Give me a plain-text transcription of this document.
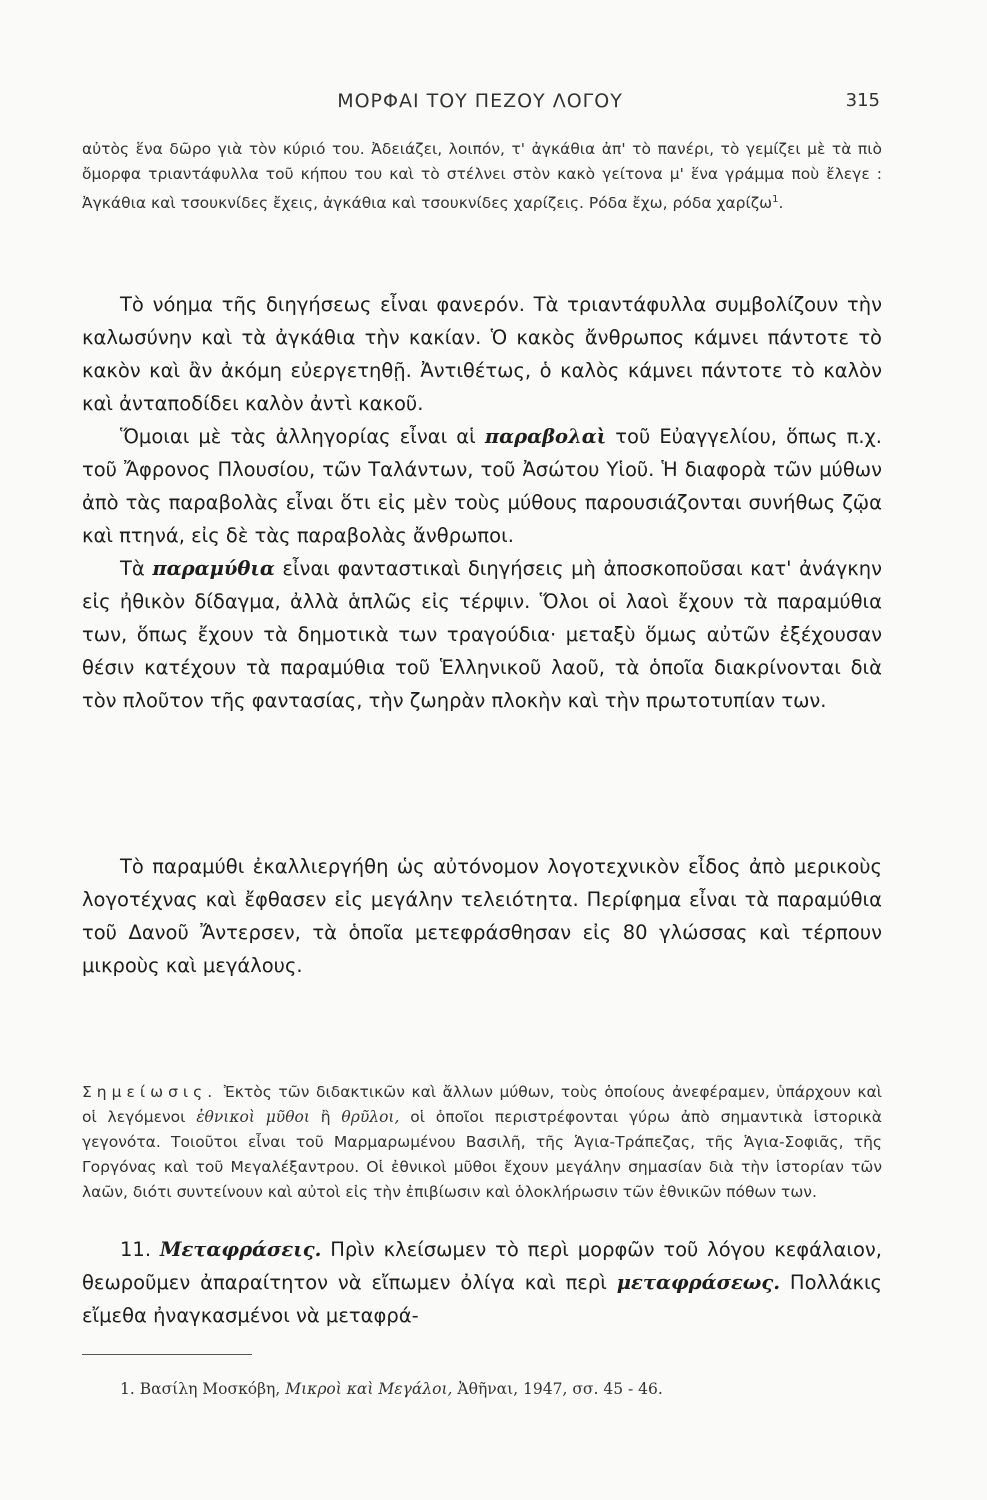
ΜΟΡΦΑΙ ΤΟΥ ΠΕΖΟΥ ΛΟΓΟΥ	315
αὐτὸς ἕνα δῶρο γιὰ τὸν κύριό του. Ἀδειάζει, λοιπόν, τ' ἀγκάθια ἀπ' τὸ πανέρι, τὸ γεμίζει μὲ τὰ πιὸ ὄμορφα τριαντάφυλλα τοῦ κήπου του καὶ τὸ στέλνει στὸν κακὸ γείτονα μ' ἕνα γράμμα ποὺ ἔλεγε : Ἀγκάθια καὶ τσουκνίδες ἔχεις, ἀγκάθια καὶ τσουκνίδες χαρίζεις. Ρόδα ἔχω, ρόδα χαρίζω$^1$.

Τὸ νόημα τῆς διηγήσεως εἶναι φανερόν. Τὰ τριαντάφυλλα συμβολίζουν τὴν καλωσύνην καὶ τὰ ἀγκάθια τὴν κακίαν. Ὁ κακὸς ἄνθρωπος κάμνει πάντοτε τὸ κακὸν καὶ ἂν ἀκόμη εὐεργετηθῇ. Ἀντιθέτως, ὁ καλὸς κάμνει πάντοτε τὸ καλὸν καὶ ἀνταποδίδει καλὸν ἀντὶ κακοῦ.

Ὅμοιαι μὲ τὰς ἀλληγορίας εἶναι αἱ παραβολαὶ τοῦ Εὐαγγελίου, ὅπως π.χ. τοῦ Ἄφρονος Πλουσίου, τῶν Ταλάντων, τοῦ Ἀσώτου Υἱοῦ. Ἡ διαφορὰ τῶν μύθων ἀπὸ τὰς παραβολὰς εἶναι ὅτι εἰς μὲν τοὺς μύθους παρουσιάζονται συνήθως ζῷα καὶ πτηνά, εἰς δὲ τὰς παραβολὰς ἄνθρωποι.

Τὰ παραμύθια εἶναι φανταστικαὶ διηγήσεις μὴ ἀποσκοποῦσαι κατ' ἀνάγκην εἰς ἠθικὸν δίδαγμα, ἀλλὰ ἁπλῶς εἰς τέρψιν. Ὅλοι οἱ λαοὶ ἔχουν τὰ παραμύθια των, ὅπως ἔχουν τὰ δημοτικὰ των τραγούδια· μεταξὺ ὅμως αὐτῶν ἐξέχουσαν θέσιν κατέχουν τὰ παραμύθια τοῦ Ἑλληνικοῦ λαοῦ, τὰ ὁποῖα διακρίνονται διὰ τὸν πλοῦτον τῆς φαντασίας, τὴν ζωηρὰν πλοκὴν καὶ τὴν πρωτοτυπίαν των.

Τὸ παραμύθι ἐκαλλιεργήθη ὡς αὐτόνομον λογοτεχνικὸν εἶδος ἀπὸ μερικοὺς λογοτέχνας καὶ ἔφθασεν εἰς μεγάλην τελειότητα. Περίφημα εἶναι τὰ παραμύθια τοῦ Δανοῦ Ἄντερσεν, τὰ ὁποῖα μετεφράσθησαν εἰς 80 γλώσσας καὶ τέρπουν μικροὺς καὶ μεγάλους.

Σημείωσις. Ἐκτὸς τῶν διδακτικῶν καὶ ἄλλων μύθων, τοὺς ὁποίους ἀνεφέραμεν, ὑπάρχουν καὶ οἱ λεγόμενοι ἐθνικοὶ μῦθοι ἢ θρῦλοι, οἱ ὁποῖοι περιστρέφονται γύρω ἀπὸ σημαντικὰ ἱστορικὰ γεγονότα. Τοιοῦτοι εἶναι τοῦ Μαρμαρωμένου Βασιλῆ, τῆς Ἁγια-Τράπεζας, τῆς Ἁγια-Σοφιᾶς, τῆς Γοργόνας καὶ τοῦ Μεγαλέξαντρου. Οἱ ἐθνικοὶ μῦθοι ἔχουν μεγάλην σημασίαν διὰ τὴν ἱστορίαν τῶν λαῶν, διότι συντείνουν καὶ αὐτοὶ εἰς τὴν ἐπιβίωσιν καὶ ὁλοκλήρωσιν τῶν ἐθνικῶν πόθων των.

11. Μεταφράσεις. Πρὶν κλείσωμεν τὸ περὶ μορφῶν τοῦ λόγου κεφάλαιον, θεωροῦμεν ἀπαραίτητον νὰ εἴπωμεν ὀλίγα καὶ περὶ μεταφράσεως. Πολλάκις εἴμεθα ἠναγκασμένοι νὰ μεταφρά-

1. Βασίλη Μοσκόβη, Μικροὶ καὶ Μεγάλοι, Ἀθῆναι, 1947, σσ. 45 - 46.
